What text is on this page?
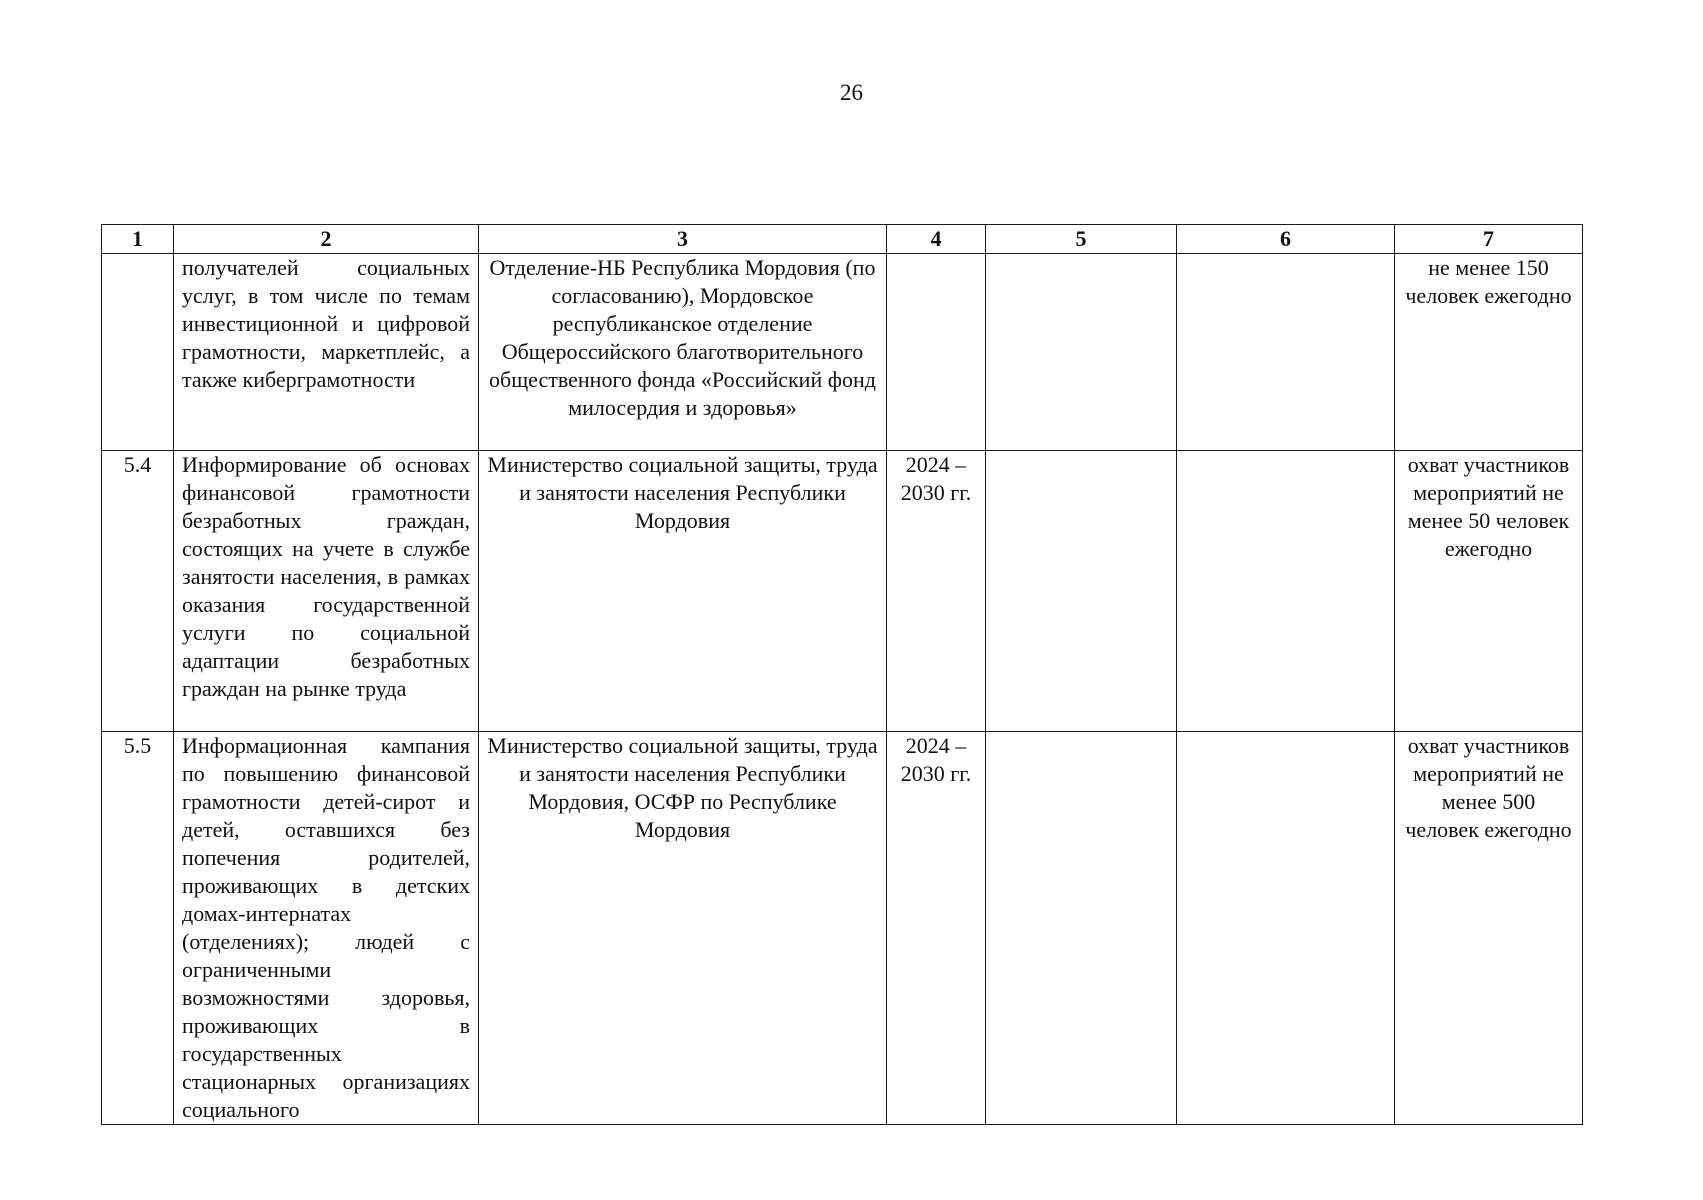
26
1	2	3	4	5	6	7
	получателей социальных услуг, в том числе по темам инвестиционной и цифровой грамотности, маркетплейс, а также киберграмотности	Отделение-НБ Республика Мордовия (по согласованию), Мордовское республиканское отделение Общероссийского благотворительного общественного фонда «Российский фонд милосердия и здоровья»				не менее 150 человек ежегодно
5.4	Информирование об основах финансовой грамотности безработных граждан, состоящих на учете в службе занятости населения, в рамках оказания государственной услуги по социальной адаптации безработных граждан на рынке труда	Министерство социальной защиты, труда и занятости населения Республики Мордовия	2024 – 2030 гг.			охват участников мероприятий не менее 50 человек ежегодно
5.5	Информационная кампания по повышению финансовой грамотности детей-сирот и детей, оставшихся без попечения родителей, проживающих в детских домах-интернатах (отделениях); людей с ограниченными возможностями здоровья, проживающих в государственных стационарных организациях социального	Министерство социальной защиты, труда и занятости населения Республики Мордовия, ОСФР по Республике Мордовия	2024 – 2030 гг.			охват участников мероприятий не менее 500 человек ежегодно
